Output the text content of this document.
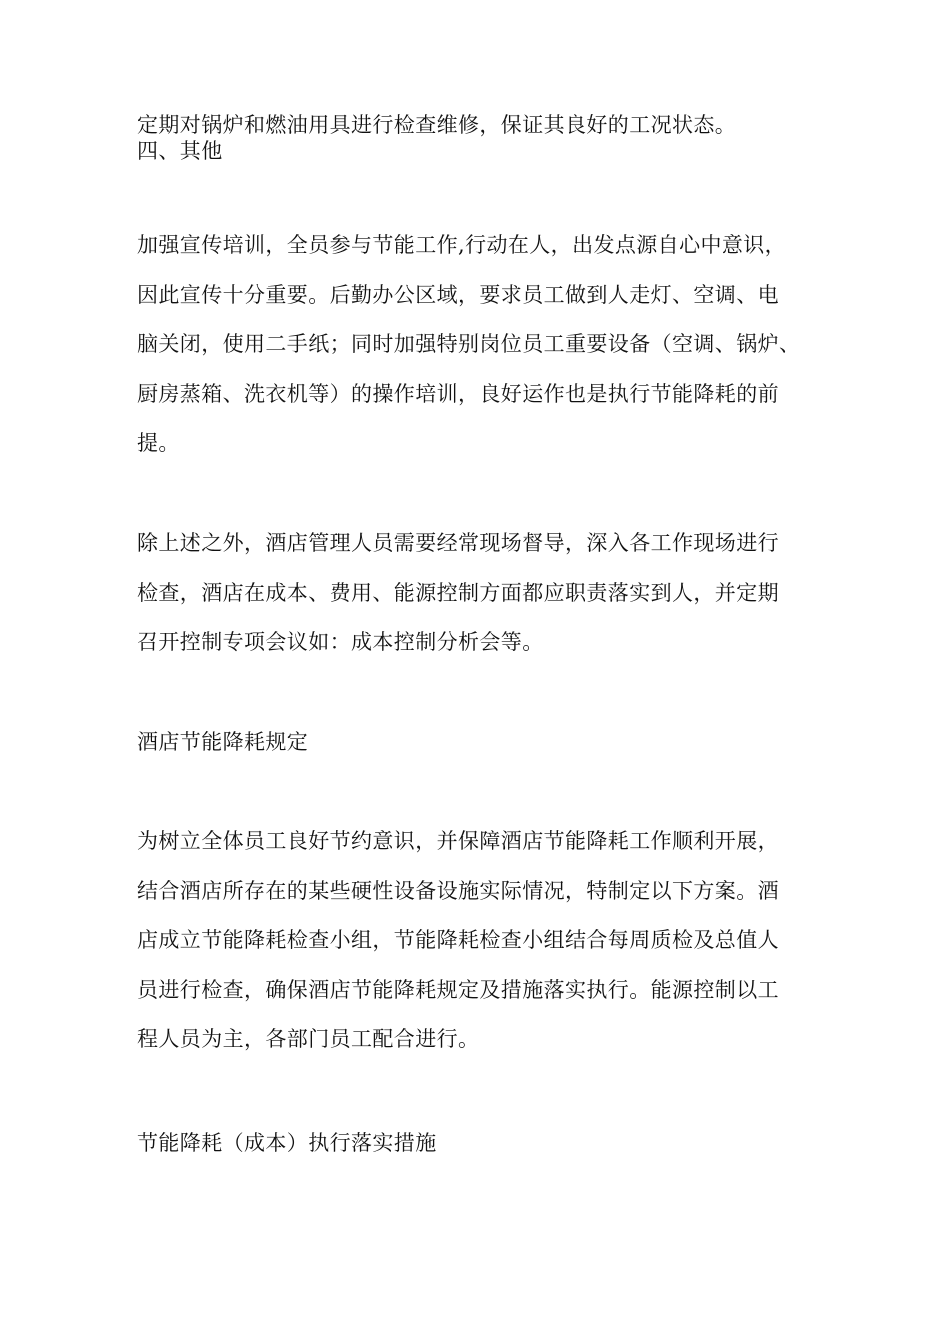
定期对锅炉和燃油用具进行检查维修，保证其良好的工况状态。
四、其他
加强宣传培训，全员参与节能工作,行动在人，出发点源自心中意识，
因此宣传十分重要。后勤办公区域，要求员工做到人走灯、空调、电
脑关闭，使用二手纸；同时加强特别岗位员工重要设备（空调、锅炉、
厨房蒸箱、洗衣机等）的操作培训，良好运作也是执行节能降耗的前
提。
除上述之外，酒店管理人员需要经常现场督导，深入各工作现场进行
检查，酒店在成本、费用、能源控制方面都应职责落实到人，并定期
召开控制专项会议如：成本控制分析会等。
酒店节能降耗规定
为树立全体员工良好节约意识，并保障酒店节能降耗工作顺利开展，
结合酒店所存在的某些硬性设备设施实际情况，特制定以下方案。酒
店成立节能降耗检查小组，节能降耗检查小组结合每周质检及总值人
员进行检查，确保酒店节能降耗规定及措施落实执行。能源控制以工
程人员为主，各部门员工配合进行。
节能降耗（成本）执行落实措施
